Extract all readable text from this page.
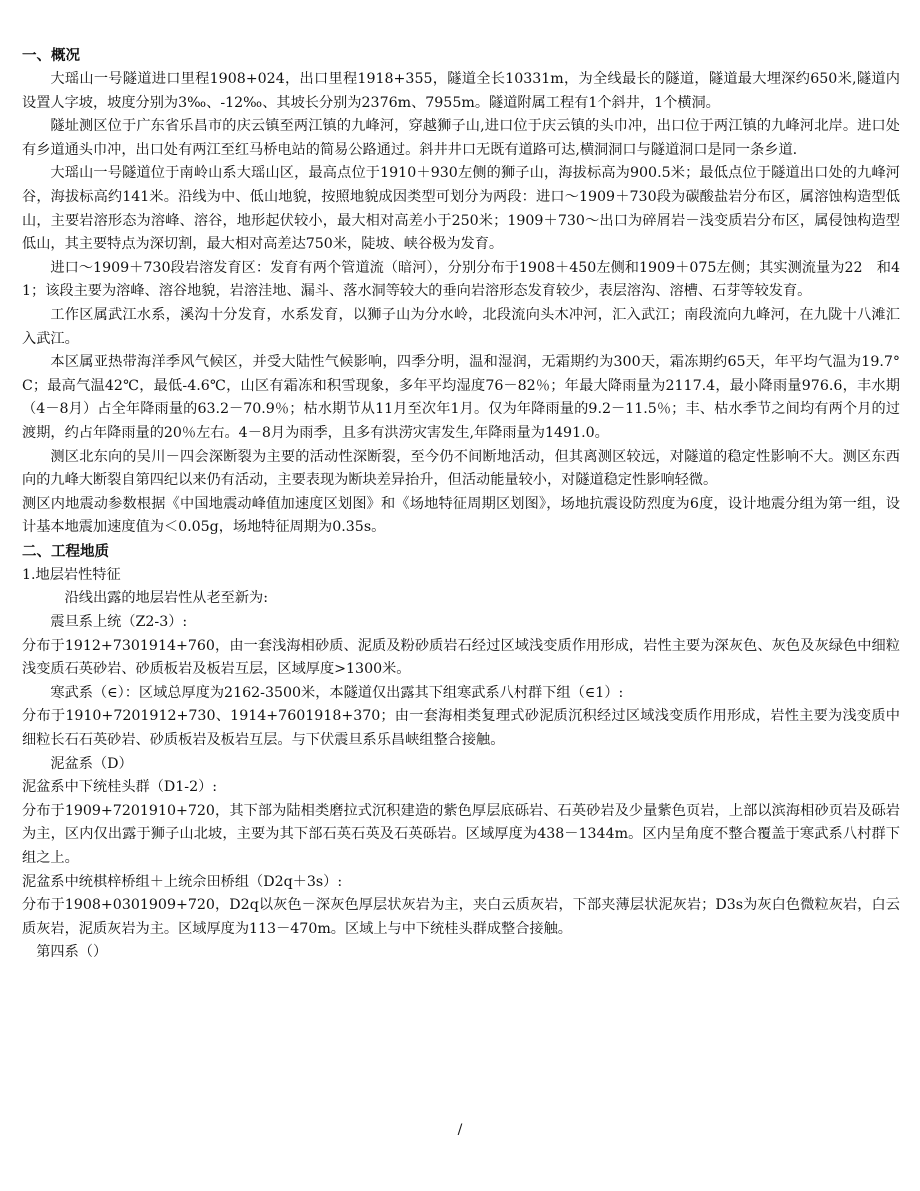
一、概况

大瑶山一号隧道进口里程1908+024，出口里程1918+355，隧道全长10331m，为全线最长的隧道，隧道最大埋深约650米,隧道内设置人字坡，坡度分别为3‰、-12‰、其坡长分别为2376m、7955m。隧道附属工程有1个斜井，1个横洞。

隧址测区位于广东省乐昌市的庆云镇至两江镇的九峰河，穿越狮子山,进口位于庆云镇的头巾冲，出口位于两江镇的九峰河北岸。进口处有乡道通头巾冲，出口处有两江至红马桥电站的简易公路通过。斜井井口无既有道路可达,横洞洞口与隧道洞口是同一条乡道.

大瑶山一号隧道位于南岭山系大瑶山区，最高点位于1910＋930左侧的狮子山，海拔标高为900.5米；最低点位于隧道出口处的九峰河谷，海拔标高约141米。沿线为中、低山地貌，按照地貌成因类型可划分为两段：进口～1909＋730段为碳酸盐岩分布区，属溶蚀构造型低山，主要岩溶形态为溶峰、溶谷，地形起伏较小，最大相对高差小于250米；1909＋730～出口为碎屑岩－浅变质岩分布区，属侵蚀构造型低山，其主要特点为深切割，最大相对高差达750米，陡坡、峡谷极为发育。

进口～1909＋730段岩溶发育区：发育有两个管道流（暗河），分别分布于1908＋450左侧和1909＋075左侧；其实测流量为22　和41；该段主要为溶峰、溶谷地貌，岩溶洼地、漏斗、落水洞等较大的垂向岩溶形态发育较少，表层溶沟、溶槽、石芽等较发育。

工作区属武江水系，溪沟十分发育，水系发育，以狮子山为分水岭，北段流向头木冲河，汇入武江；南段流向九峰河，在九陇十八滩汇入武江。

本区属亚热带海洋季风气候区，并受大陆性气候影响，四季分明，温和湿润，无霜期约为300天，霜冻期约65天，年平均气温为19.7° C；最高气温42℃，最低-4.6℃，山区有霜冻和积雪现象，多年平均湿度76－82％；年最大降雨量为2117.4，最小降雨量976.6，丰水期（4－8月）占全年降雨量的63.2－70.9％；枯水期节从11月至次年1月。仅为年降雨量的9.2－11.5％；丰、枯水季节之间均有两个月的过渡期，约占年降雨量的20％左右。4－8月为雨季，且多有洪涝灾害发生,年降雨量为1491.0。

测区北东向的吴川－四会深断裂为主要的活动性深断裂，至今仍不间断地活动，但其离测区较远，对隧道的稳定性影响不大。测区东西向的九峰大断裂自第四纪以来仍有活动，主要表现为断块差异抬升，但活动能量较小，对隧道稳定性影响轻微。

测区内地震动参数根据《中国地震动峰值加速度区划图》和《场地特征周期区划图》，场地抗震设防烈度为6度，设计地震分组为第一组，设计基本地震加速度值为＜0.05g，场地特征周期为0.35s。

二、工程地质

1.地层岩性特征

沿线出露的地层岩性从老至新为:

震旦系上统（Z2-3）:

分布于1912+7301914+760，由一套浅海相砂质、泥质及粉砂质岩石经过区域浅变质作用形成，岩性主要为深灰色、灰色及灰绿色中细粒浅变质石英砂岩、砂质板岩及板岩互层，区域厚度>1300米。

寒武系（∈）：区域总厚度为2162-3500米，本隧道仅出露其下组寒武系八村群下组（∈1）:

分布于1910+7201912+730、1914+7601918+370；由一套海相类复理式砂泥质沉积经过区域浅变质作用形成，岩性主要为浅变质中细粒长石石英砂岩、砂质板岩及板岩互层。与下伏震旦系乐昌峡组整合接触。

泥盆系（D）

泥盆系中下统桂头群（D1-2）:

分布于1909+7201910+720，其下部为陆相类磨拉式沉积建造的紫色厚层底砾岩、石英砂岩及少量紫色页岩，上部以滨海相砂页岩及砾岩为主，区内仅出露于狮子山北坡，主要为其下部石英石英及石英砾岩。区域厚度为438－1344m。区内呈角度不整合覆盖于寒武系八村群下组之上。

泥盆系中统棋梓桥组＋上统佘田桥组（D2q＋3s）:

分布于1908+0301909+720，D2q以灰色－深灰色厚层状灰岩为主，夹白云质灰岩，下部夹薄层状泥灰岩；D3s为灰白色微粒灰岩，白云质灰岩，泥质灰岩为主。区域厚度为113－470m。区域上与中下统桂头群成整合接触。

第四系（）

/
